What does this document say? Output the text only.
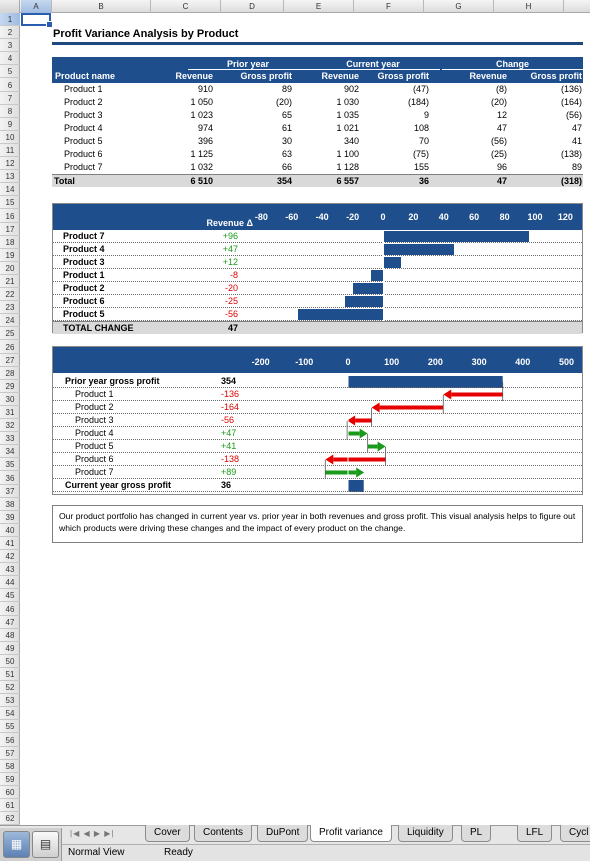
A	B	C	D	E	F	G	H
1
2
3
4
5
6
7
8
9
10
11
12
13
14
15
16
17
18
19
20
21
22
23
24
25
26
27
28
29
30
31
32
33
34
35
36
37
38
39
40
41
42
43
44
45
46
47
48
49
50
51
52
53
54
55
56
57
58
59
60
61
62
Profit Variance Analysis by Product
Prior year	Current year	Change
Product name	Revenue	Gross profit	Revenue	Gross profit	Revenue	Gross profit
Product 1	910	89	902	(47)	(8)	(136)
Product 2	1 050	(20)	1 030	(184)	(20)	(164)
Product 3	1 023	65	1 035	9	12	(56)
Product 4	974	61	1 021	108	47	47
Product 5	396	30	340	70	(56)	41
Product 6	1 125	63	1 100	(75)	(25)	(138)
Product 7	1 032	66	1 128	155	96	89
Total	6 510	354	6 557	36	47	(318)
Revenue Δ
-80	-60	-40	-20	0	20	40	60	80	100	120
Product 7	+96
Product 4	+47
Product 3	+12
Product 1	-8
Product 2	-20
Product 6	-25
Product 5	-56
TOTAL CHANGE	47
-200	-100	0	100	200	300	400	500
Prior year gross profit	354
Product 1	-136
Product 2	-164
Product 3	-56
Product 4	+47
Product 5	+41
Product 6	-138
Product 7	+89
Current year gross profit	36
Our product portfolio has changed in current year vs. prior year in both revenues and gross profit. This visual analysis helps to figure out which products were driving these changes and the impact of every product on the change.
|◀ ◀ ▶ ▶|	Cover	Contents	DuPont	Profit variance	Liquidity	PL	LFL	Cycl
▦	▤
Normal View	Ready
